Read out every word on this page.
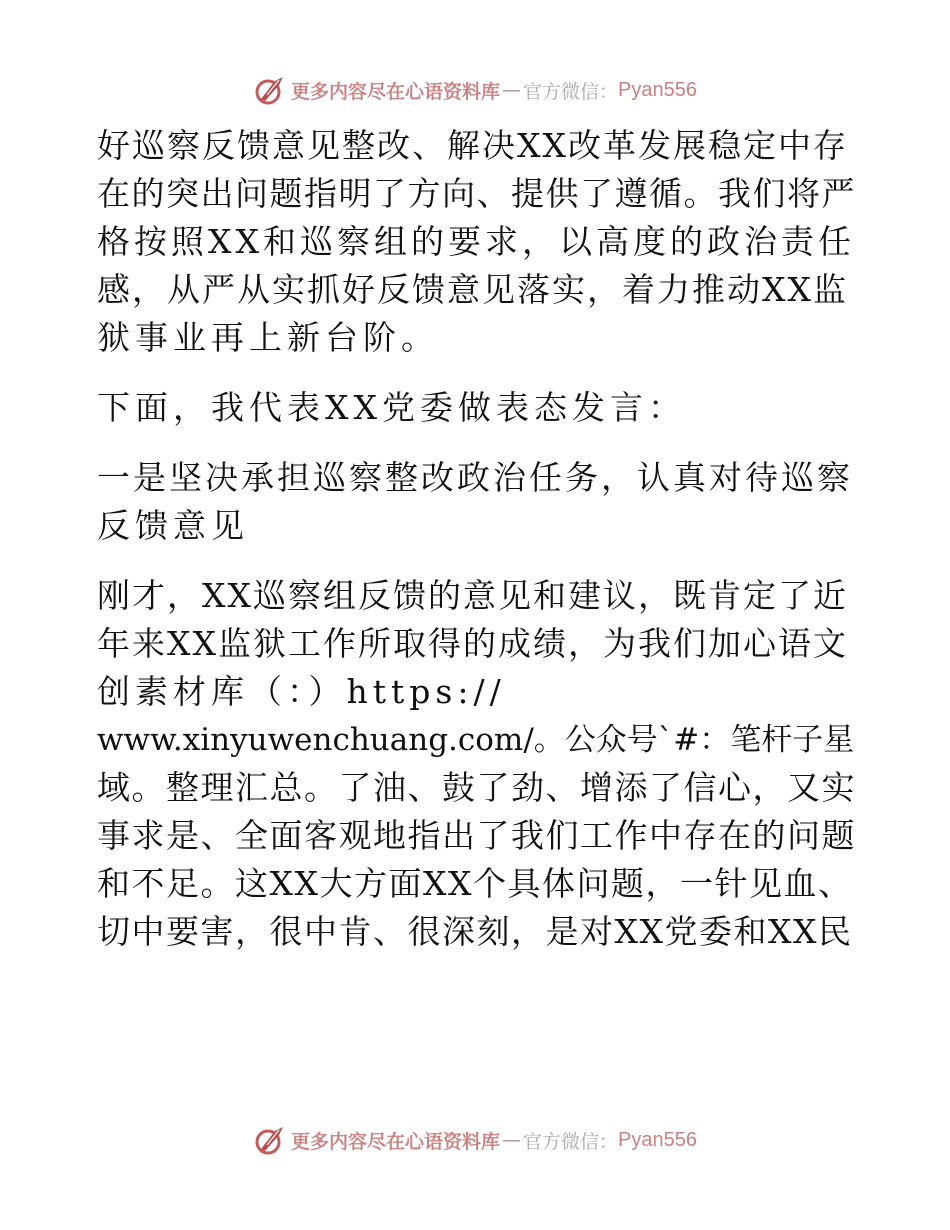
更多内容尽在心语资料库 — 官方微信： Pyan556
好巡察反馈意见整改、解决XX改革发展稳定中存
在的突出问题指明了方向、提供了遵循。我们将严
格按照XX和巡察组的要求，以高度的政治责任
感，从严从实抓好反馈意见落实，着力推动XX监
狱事业再上新台阶。
下面，我代表XX党委做表态发言：
一是坚决承担巡察整改政治任务，认真对待巡察
反馈意见
刚才，XX巡察组反馈的意见和建议，既肯定了近
年来XX监狱工作所取得的成绩，为我们加心语文
创素材库（：）https://
www.xinyuwenchuang.com/。公众号`#：笔杆子星
域。整理汇总。了油、鼓了劲、增添了信心，又实
事求是、全面客观地指出了我们工作中存在的问题
和不足。这XX大方面XX个具体问题，一针见血、
切中要害，很中肯、很深刻，是对XX党委和XX民
更多内容尽在心语资料库 — 官方微信： Pyan556
